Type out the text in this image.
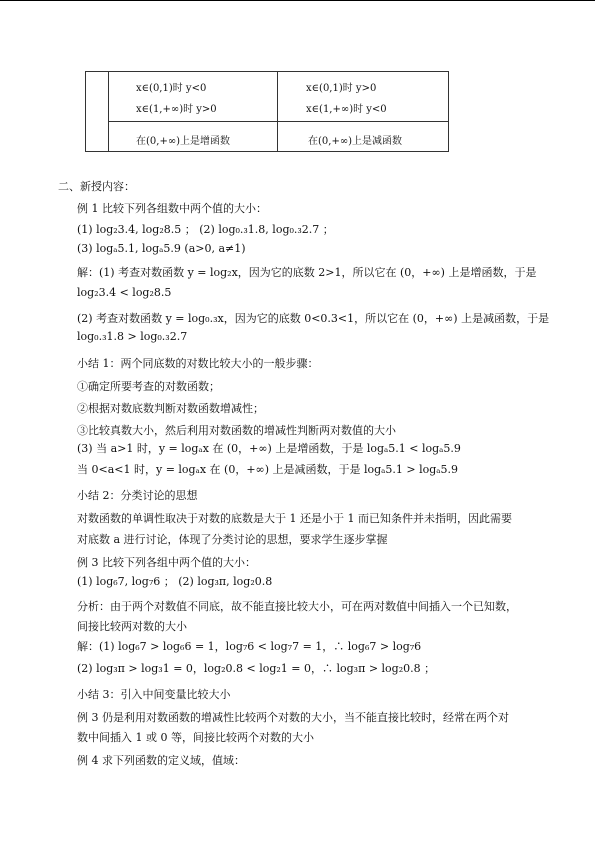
x∈(0,1)时 y<0
x∈(1,+∞)时 y>0
x∈(0,1)时 y>0
x∈(1,+∞)时 y<0
在(0,+∞)上是增函数	在(0,+∞)上是减函数
二、新授内容：
例 1 比较下列各组数中两个值的大小：
(1) log₂3.4, log₂8.5 ； (2) log₀.₃1.8, log₀.₃2.7 ；
(3) logₐ5.1, logₐ5.9 (a>0, a≠1)
解：(1) 考查对数函数 y = log₂x，因为它的底数 2>1，所以它在 (0，+∞) 上是增函数，于是
log₂3.4 < log₂8.5
(2) 考查对数函数 y = log₀.₃x，因为它的底数 0<0.3<1，所以它在 (0，+∞) 上是减函数，于是
log₀.₃1.8 > log₀.₃2.7
小结 1：两个同底数的对数比较大小的一般步骤：
①确定所要考查的对数函数；
②根据对数底数判断对数函数增减性；
③比较真数大小，然后利用对数函数的增减性判断两对数值的大小
(3) 当 a>1 时，y = logₐx 在 (0，+∞) 上是增函数，于是 logₐ5.1 < logₐ5.9
当 0<a<1 时，y = logₐx 在 (0，+∞) 上是减函数，于是 logₐ5.1 > logₐ5.9
小结 2：分类讨论的思想
对数函数的单调性取决于对数的底数是大于 1 还是小于 1 而已知条件并未指明，因此需要
对底数 a 进行讨论，体现了分类讨论的思想，要求学生逐步掌握
例 3 比较下列各组中两个值的大小：
(1) log₆7, log₇6 ； (2) log₃π, log₂0.8
分析：由于两个对数值不同底，故不能直接比较大小，可在两对数值中间插入一个已知数，
间接比较两对数的大小
解：(1) log₆7 > log₆6 = 1，log₇6 < log₇7 = 1，∴ log₆7 > log₇6
(2) log₃π > log₃1 = 0，log₂0.8 < log₂1 = 0，∴ log₃π > log₂0.8 ；
小结 3：引入中间变量比较大小
例 3 仍是利用对数函数的增减性比较两个对数的大小，当不能直接比较时，经常在两个对
数中间插入 1 或 0 等，间接比较两个对数的大小
例 4 求下列函数的定义域，值域：
